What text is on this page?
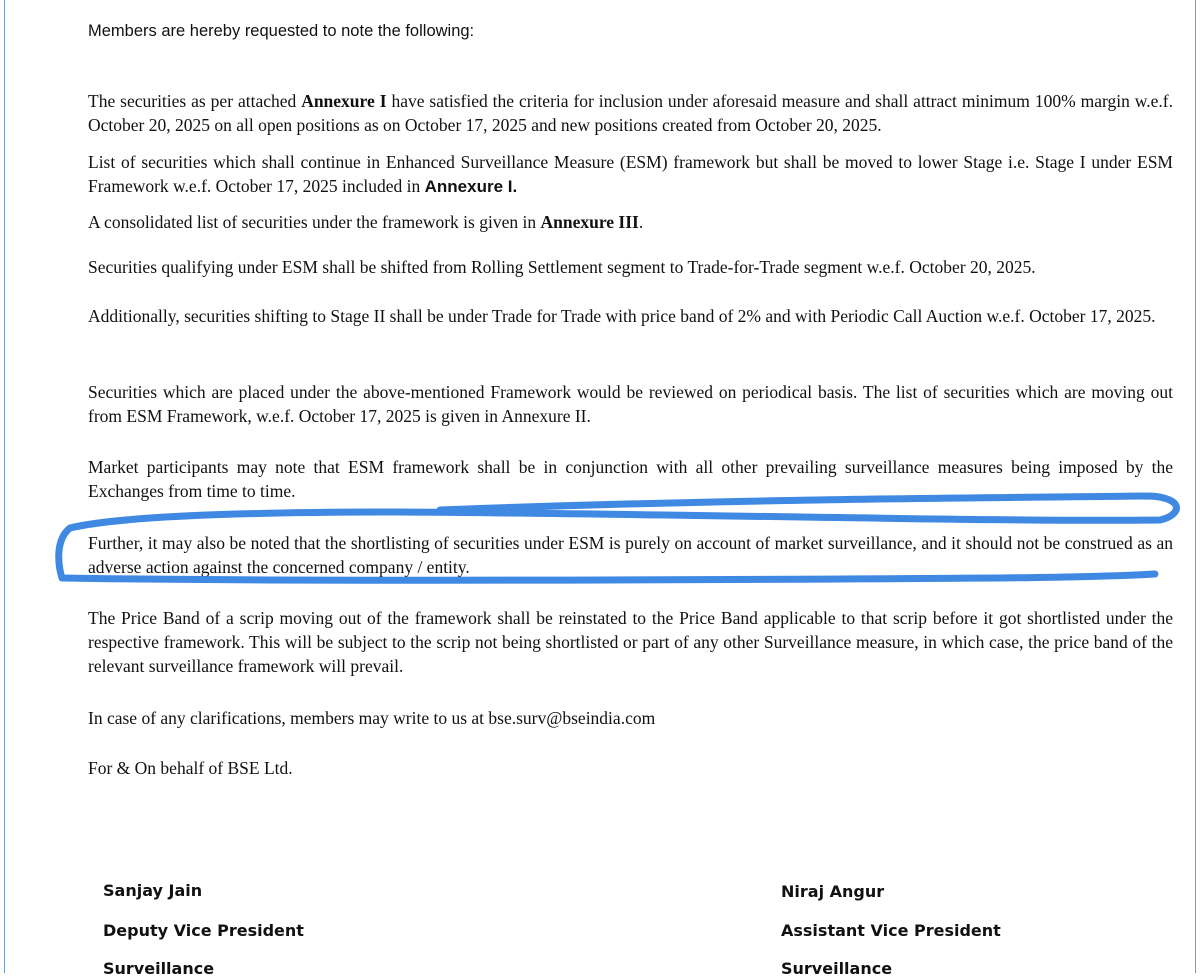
Members are hereby requested to note the following:

The securities as per attached Annexure I have satisfied the criteria for inclusion under aforesaid measure and shall attract minimum 100% margin w.e.f. October 20, 2025 on all open positions as on October 17, 2025 and new positions created from October 20, 2025.

List of securities which shall continue in Enhanced Surveillance Measure (ESM) framework but shall be moved to lower Stage i.e. Stage I under ESM Framework w.e.f. October 17, 2025 included in Annexure I.

A consolidated list of securities under the framework is given in Annexure III.

Securities qualifying under ESM shall be shifted from Rolling Settlement segment to Trade-for-Trade segment w.e.f. October 20, 2025.

Additionally, securities shifting to Stage II shall be under Trade for Trade with price band of 2% and with Periodic Call Auction w.e.f. October 17, 2025.

Securities which are placed under the above-mentioned Framework would be reviewed on periodical basis. The list of securities which are moving out from ESM Framework, w.e.f. October 17, 2025 is given in Annexure II.

Market participants may note that ESM framework shall be in conjunction with all other prevailing surveillance measures being imposed by the Exchanges from time to time.

Further, it may also be noted that the shortlisting of securities under ESM is purely on account of market surveillance, and it should not be construed as an adverse action against the concerned company / entity.

The Price Band of a scrip moving out of the framework shall be reinstated to the Price Band applicable to that scrip before it got shortlisted under the respective framework. This will be subject to the scrip not being shortlisted or part of any other Surveillance measure, in which case, the price band of the relevant surveillance framework will prevail.

In case of any clarifications, members may write to us at bse.surv@bseindia.com

For & On behalf of BSE Ltd.

Sanjay Jain

Deputy Vice President

Surveillance

Niraj Angur

Assistant Vice President

Surveillance
